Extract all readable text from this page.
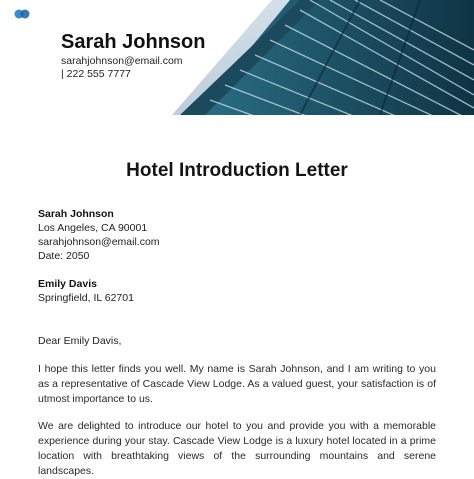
Sarah Johnson
sarahjohnson@email.com
| 222 555 7777
Hotel Introduction Letter
Sarah Johnson
Los Angeles, CA 90001
sarahjohnson@email.com
Date: 2050
Emily Davis
Springfield, IL 62701
Dear Emily Davis,
I hope this letter finds you well. My name is Sarah Johnson, and I am writing to you as a representative of Cascade View Lodge. As a valued guest, your satisfaction is of utmost importance to us.
We are delighted to introduce our hotel to you and provide you with a memorable experience during your stay. Cascade View Lodge is a luxury hotel located in a prime location with breathtaking views of the surrounding mountains and serene landscapes.
